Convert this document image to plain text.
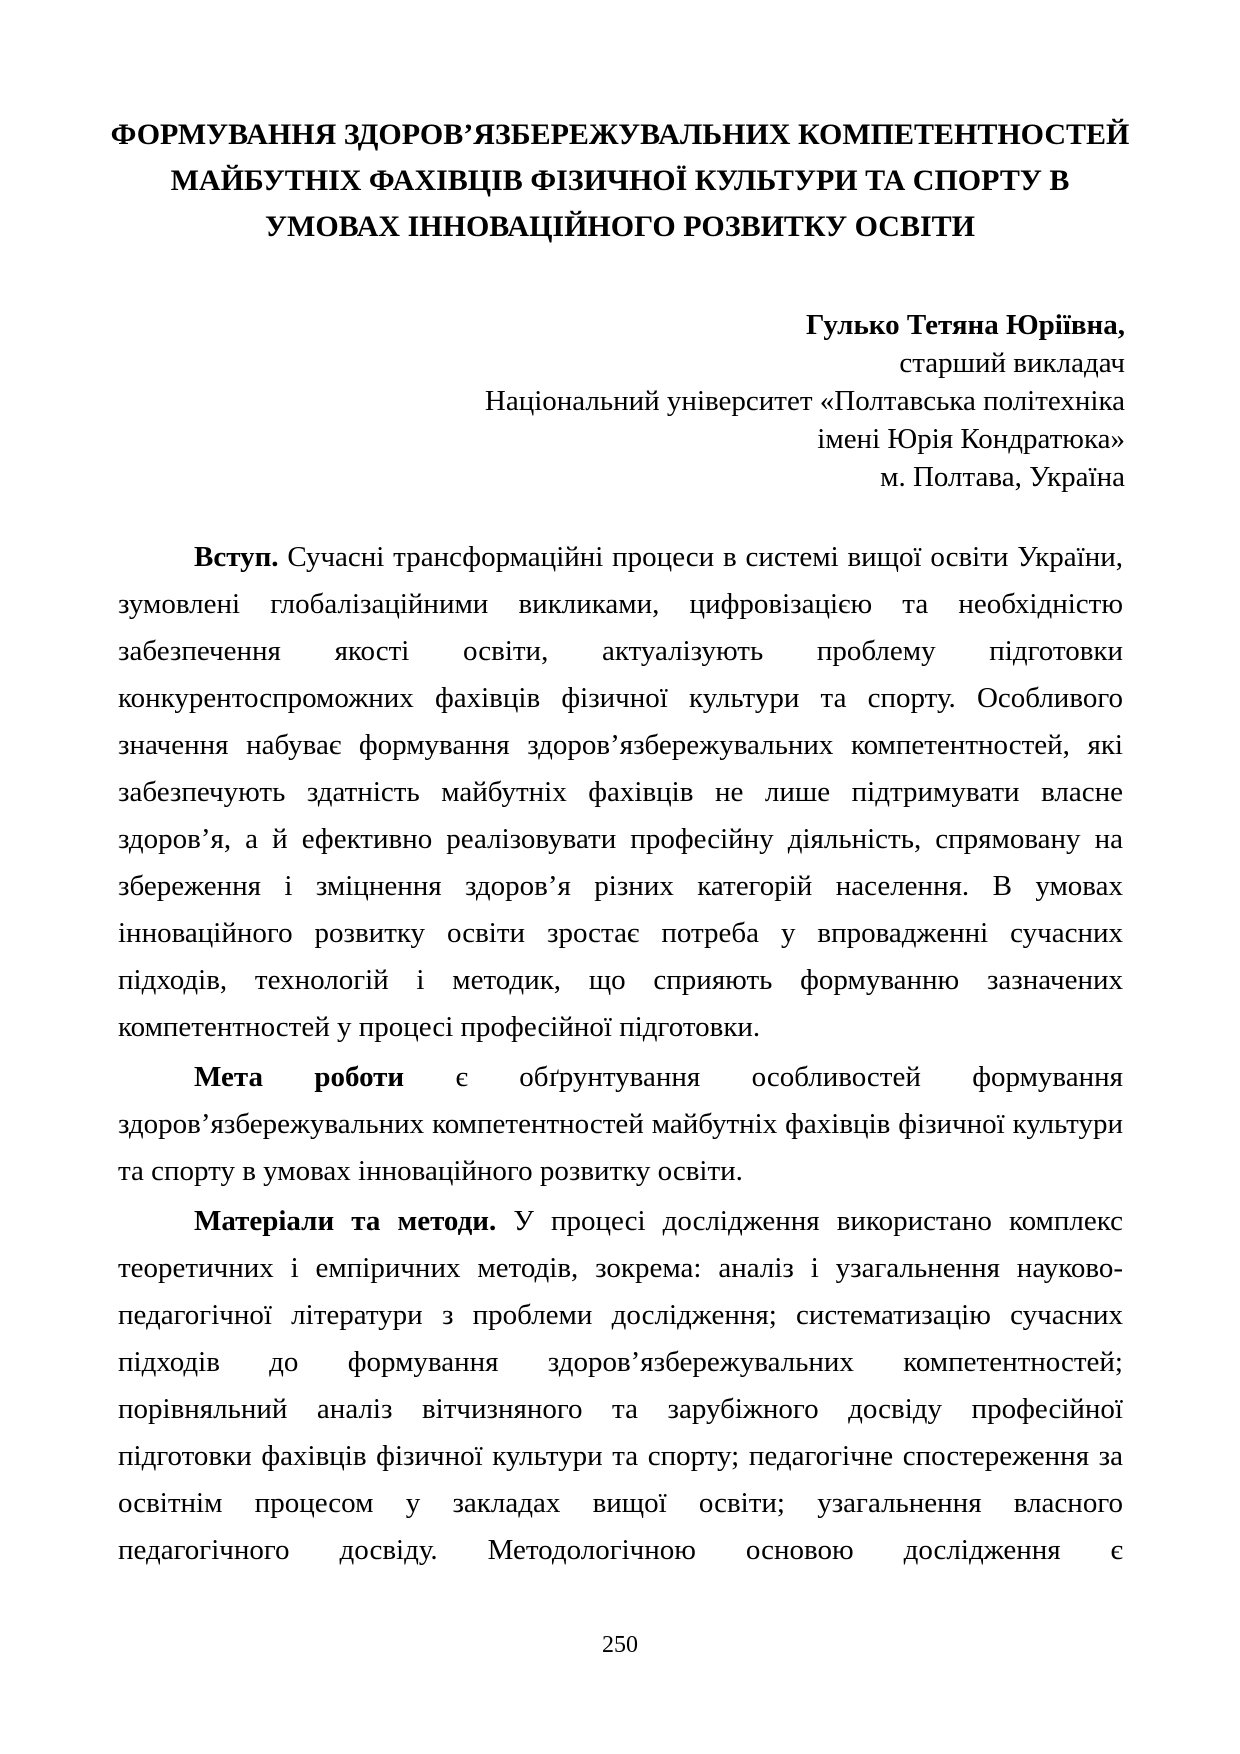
ФОРМУВАННЯ ЗДОРОВ’ЯЗБЕРЕЖУВАЛЬНИХ КОМПЕТЕНТНОСТЕЙ
МАЙБУТНІХ ФАХІВЦІВ ФІЗИЧНОЇ КУЛЬТУРИ ТА СПОРТУ В
УМОВАХ ІННОВАЦІЙНОГО РОЗВИТКУ ОСВІТИ
Гулько Тетяна Юріївна,
старший викладач
Національний університет «Полтавська політехніка
імені Юрія Кондратюка»
м. Полтава, Україна

Вступ. Сучасні трансформаційні процеси в системі вищої освіти України, зумовлені глобалізаційними викликами, цифровізацією та необхідністю забезпечення якості освіти, актуалізують проблему підготовки конкурентоспроможних фахівців фізичної культури та спорту. Особливого значення набуває формування здоров’язбережувальних компетентностей, які забезпечують здатність майбутніх фахівців не лише підтримувати власне здоров’я, а й ефективно реалізовувати професійну діяльність, спрямовану на збереження і зміцнення здоров’я різних категорій населення. В умовах інноваційного розвитку освіти зростає потреба у впровадженні сучасних підходів, технологій і методик, що сприяють формуванню зазначених компетентностей у процесі професійної підготовки.

Мета роботи є обґрунтування особливостей формування здоров’язбережувальних компетентностей майбутніх фахівців фізичної культури та спорту в умовах інноваційного розвитку освіти.

Матеріали та методи. У процесі дослідження використано комплекс теоретичних і емпіричних методів, зокрема: аналіз і узагальнення науково-педагогічної літератури з проблеми дослідження; систематизацію сучасних підходів до формування здоров’язбережувальних компетентностей; порівняльний аналіз вітчизняного та зарубіжного досвіду професійної підготовки фахівців фізичної культури та спорту; педагогічне спостереження за освітнім процесом у закладах вищої освіти; узагальнення власного педагогічного досвіду. Методологічною основою дослідження є

250
